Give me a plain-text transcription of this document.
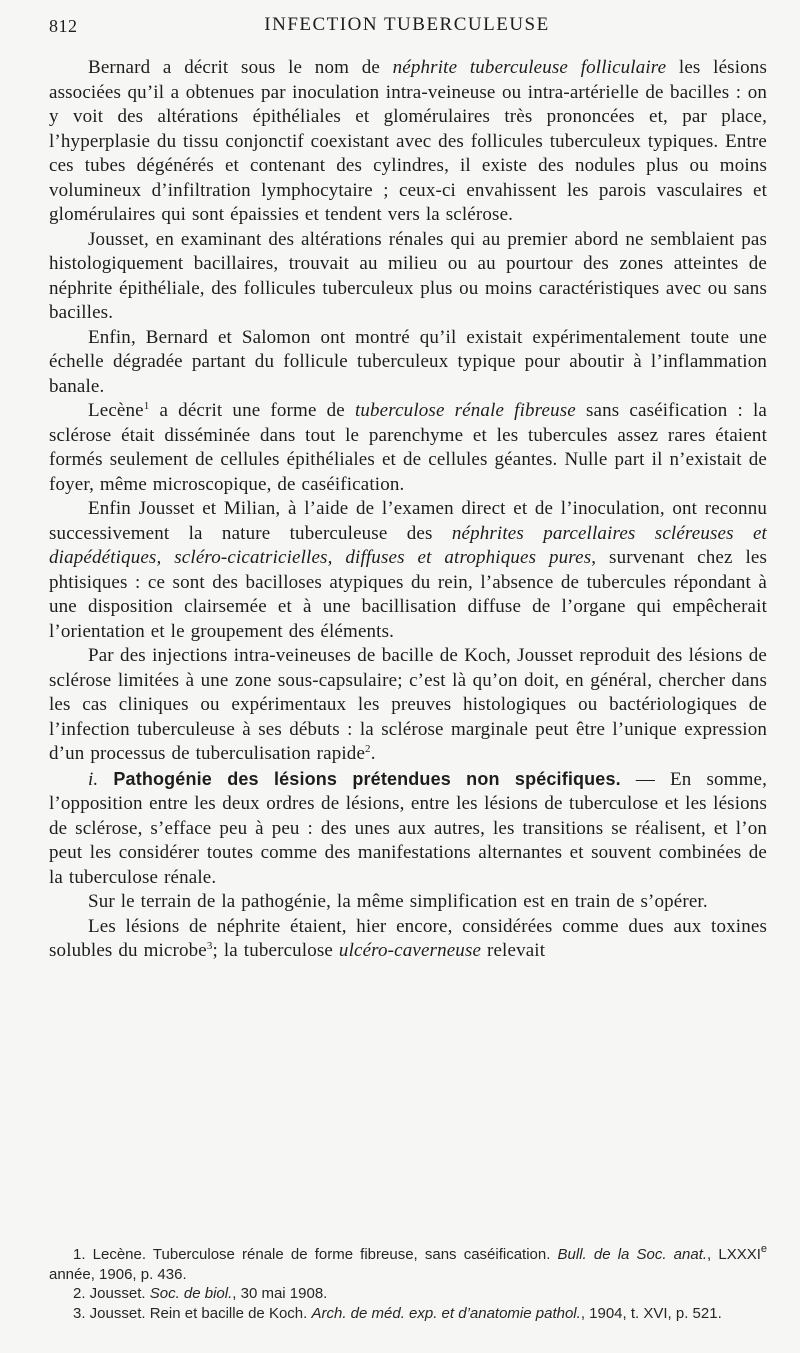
812	INFECTION TUBERCULEUSE

Bernard a décrit sous le nom de néphrite tuberculeuse folliculaire les lésions associées qu’il a obtenues par inoculation intra-veineuse ou intra-artérielle de bacilles : on y voit des altérations épithéliales et glomérulaires très prononcées et, par place, l’hyperplasie du tissu conjonctif coexistant avec des follicules tuberculeux typiques. Entre ces tubes dégénérés et contenant des cylindres, il existe des nodules plus ou moins volumineux d’infiltration lymphocytaire ; ceux-ci envahissent les parois vasculaires et glomérulaires qui sont épaissies et tendent vers la sclérose.

Jousset, en examinant des altérations rénales qui au premier abord ne semblaient pas histologiquement bacillaires, trouvait au milieu ou au pourtour des zones atteintes de néphrite épithéliale, des follicules tuberculeux plus ou moins caractéristiques avec ou sans bacilles.

Enfin, Bernard et Salomon ont montré qu’il existait expérimentalement toute une échelle dégradée partant du follicule tuberculeux typique pour aboutir à l’inflammation banale.

Lecène$^1$ a décrit une forme de tuberculose rénale fibreuse sans caséification : la sclérose était disséminée dans tout le parenchyme et les tubercules assez rares étaient formés seulement de cellules épithéliales et de cellules géantes. Nulle part il n’existait de foyer, même microscopique, de caséification.

Enfin Jousset et Milian, à l’aide de l’examen direct et de l’inoculation, ont reconnu successivement la nature tuberculeuse des néphrites parcellaires scléreuses et diapédétiques, scléro-cicatricielles, diffuses et atrophiques pures, survenant chez les phtisiques : ce sont des bacilloses atypiques du rein, l’absence de tubercules répondant à une disposition clairsemée et à une bacillisation diffuse de l’organe qui empêcherait l’orientation et le groupement des éléments.

Par des injections intra-veineuses de bacille de Koch, Jousset reproduit des lésions de sclérose limitées à une zone sous-capsulaire; c’est là qu’on doit, en général, chercher dans les cas cliniques ou expérimentaux les preuves histologiques ou bactériologiques de l’infection tuberculeuse à ses débuts : la sclérose marginale peut être l’unique expression d’un processus de tuberculisation rapide$^2$.

i. Pathogénie des lésions prétendues non spécifiques. — En somme, l’opposition entre les deux ordres de lésions, entre les lésions de tuberculose et les lésions de sclérose, s’efface peu à peu : des unes aux autres, les transitions se réalisent, et l’on peut les considérer toutes comme des manifestations alternantes et souvent combinées de la tuberculose rénale.

Sur le terrain de la pathogénie, la même simplification est en train de s’opérer.

Les lésions de néphrite étaient, hier encore, considérées comme dues aux toxines solubles du microbe$^3$; la tuberculose ulcéro-caverneuse relevait

1. Lecène. Tuberculose rénale de forme fibreuse, sans caséification. Bull. de la Soc. anat., LXXXIe année, 1906, p. 436.

2. Jousset. Soc. de biol., 30 mai 1908.

3. Jousset. Rein et bacille de Koch. Arch. de méd. exp. et d’anatomie pathol., 1904, t. XVI, p. 521.
